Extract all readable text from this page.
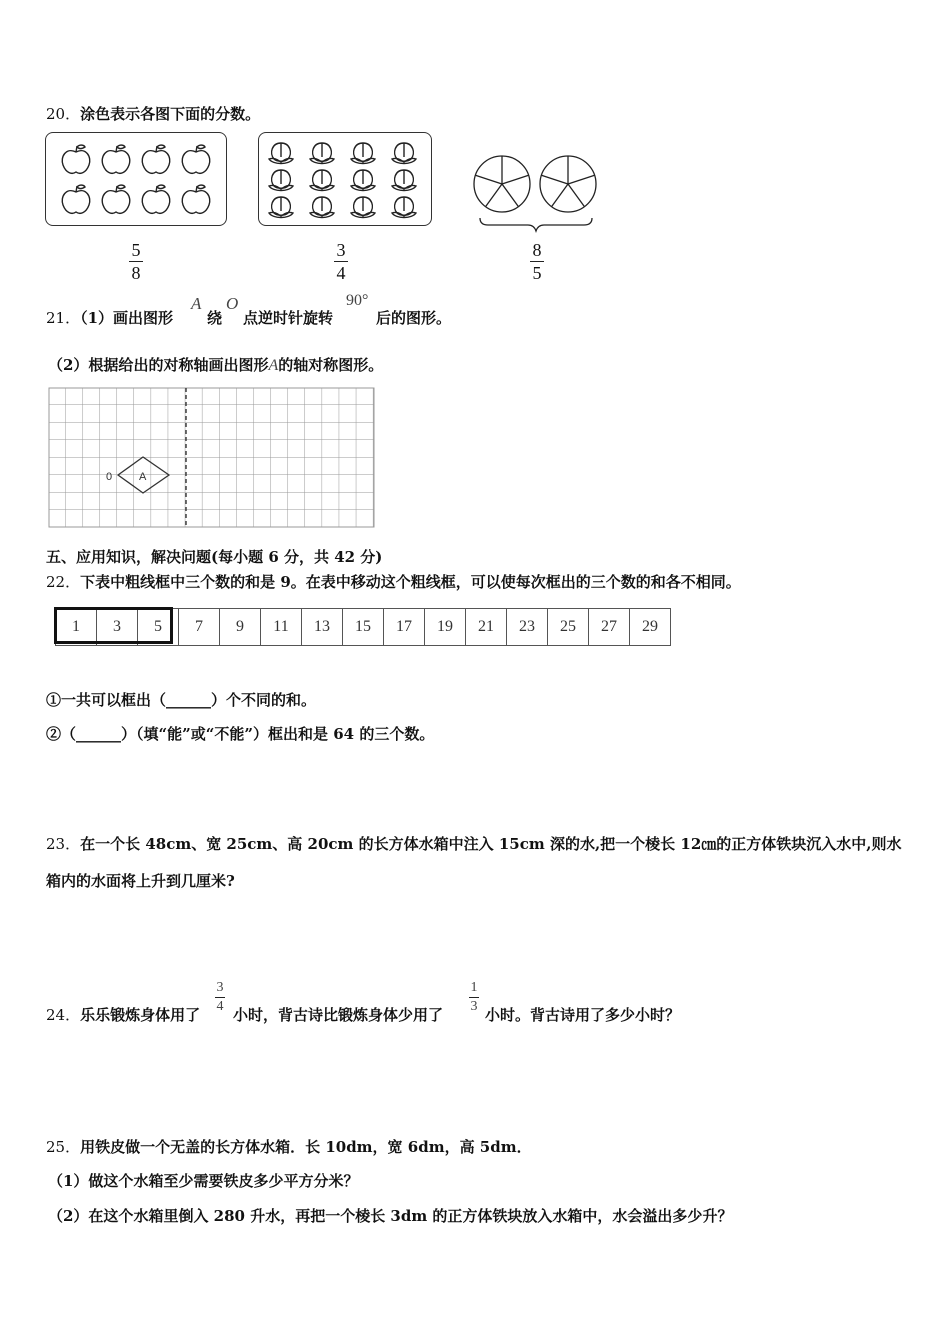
20．涂色表示各图下面的分数。
5
8
3
4
8
5
21．（1）画出图形
A
绕
O
点逆时针旋转
90°
后的图形。
（2）根据给出的对称轴画出图形A的轴对称图形。
0 A
五、应用知识，解决问题(每小题 6 分，共 42 分)
22．下表中粗线框中三个数的和是 9。在表中移动这个粗线框，可以使每次框出的三个数的和各不相同。
1	3	5	7	9	11	13	15	17	19	21	23	25	27	29
①一共可以框出（______）个不同的和。
②（______）（填“能”或“不能”）框出和是 64 的三个数。
23．在一个长 48cm、宽 25cm、高 20cm 的长方体水箱中注入 15cm 深的水,把一个棱长 12㎝的正方体铁块沉入水中,则水
箱内的水面将上升到几厘米?
24．乐乐锻炼身体用了
3
4 小时，背古诗比锻炼身体少用了
1
3 小时。背古诗用了多少小时？
25．用铁皮做一个无盖的长方体水箱．长 10dm，宽 6dm，高 5dm．
（1）做这个水箱至少需要铁皮多少平方分米？
（2）在这个水箱里倒入 280 升水，再把一个棱长 3dm 的正方体铁块放入水箱中，水会溢出多少升？
